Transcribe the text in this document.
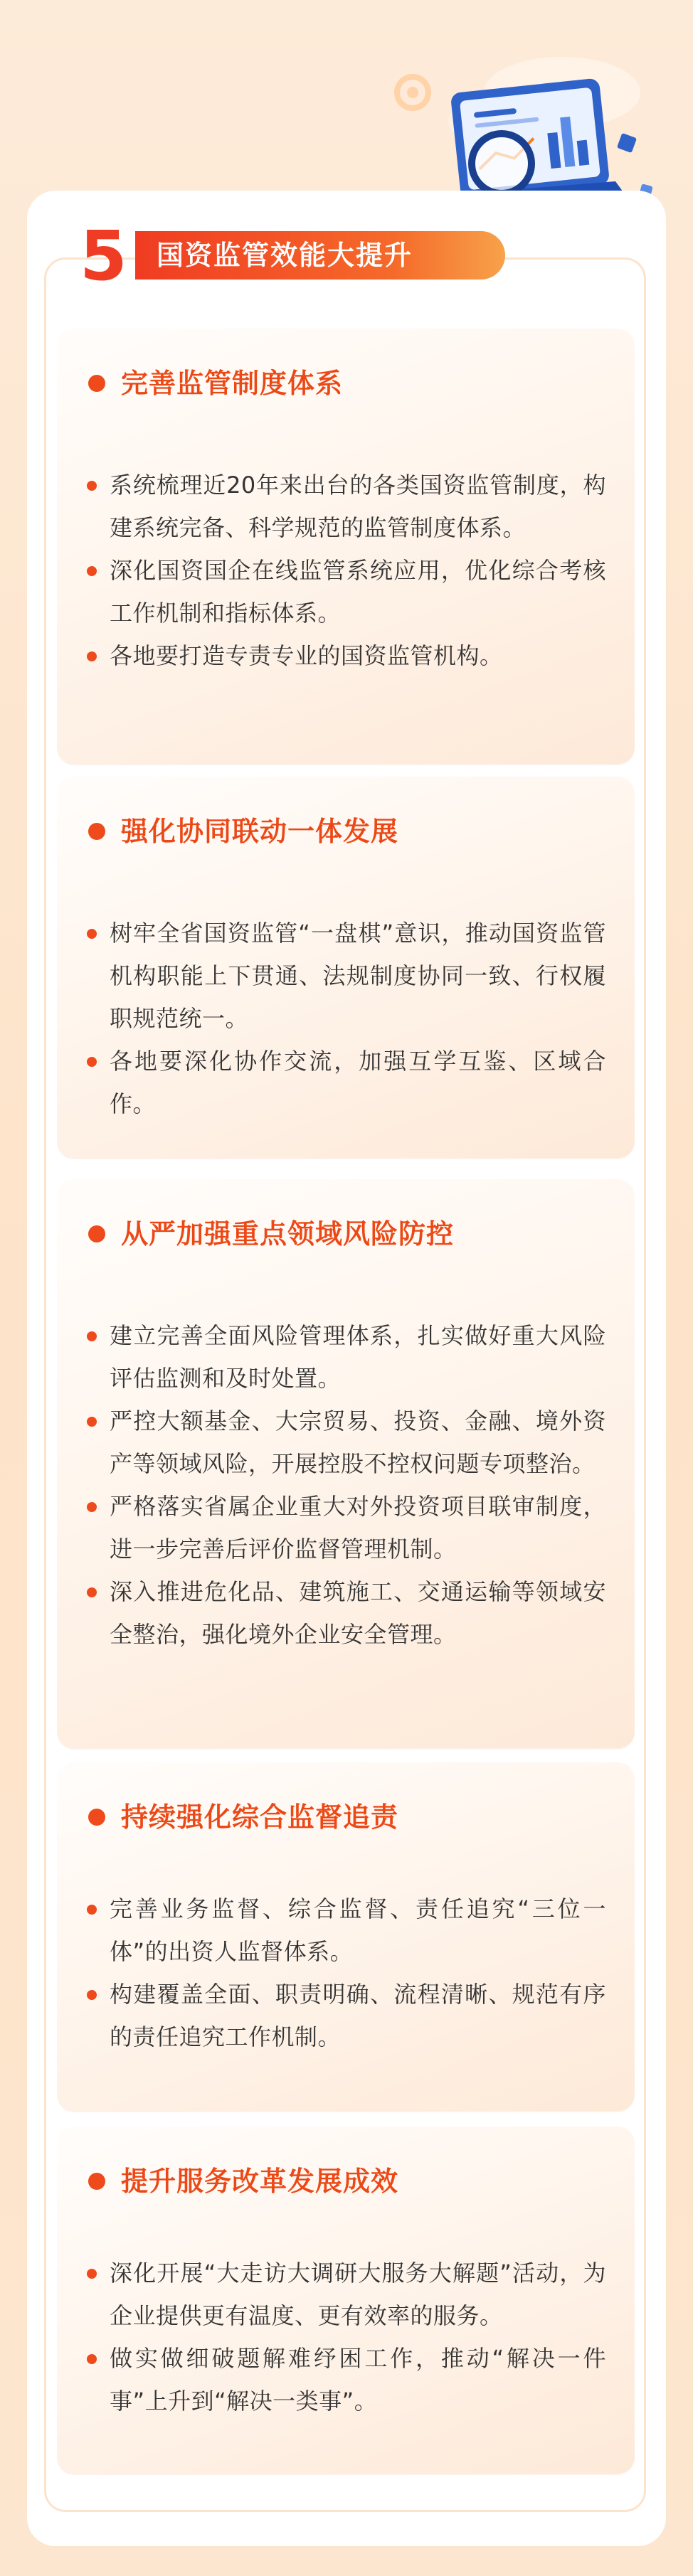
5	国资监管效能大提升
完善监管制度体系
系统梳理近20年来出台的各类国资监管制度，构建系统完备、科学规范的监管制度体系。
深化国资国企在线监管系统应用，优化综合考核工作机制和指标体系。
各地要打造专责专业的国资监管机构。
强化协同联动一体发展
树牢全省国资监管“一盘棋”意识，推动国资监管机构职能上下贯通、法规制度协同一致、行权履职规范统一。
各地要深化协作交流，加强互学互鉴、区域合作。
从严加强重点领域风险防控
建立完善全面风险管理体系，扎实做好重大风险评估监测和及时处置。
严控大额基金、大宗贸易、投资、金融、境外资产等领域风险，开展控股不控权问题专项整治。
严格落实省属企业重大对外投资项目联审制度，进一步完善后评价监督管理机制。
深入推进危化品、建筑施工、交通运输等领域安全整治，强化境外企业安全管理。
持续强化综合监督追责
完善业务监督、综合监督、责任追究“三位一体”的出资人监督体系。
构建覆盖全面、职责明确、流程清晰、规范有序的责任追究工作机制。
提升服务改革发展成效
深化开展“大走访大调研大服务大解题”活动，为企业提供更有温度、更有效率的服务。
做实做细破题解难纾困工作，推动“解决一件事”上升到“解决一类事”。
